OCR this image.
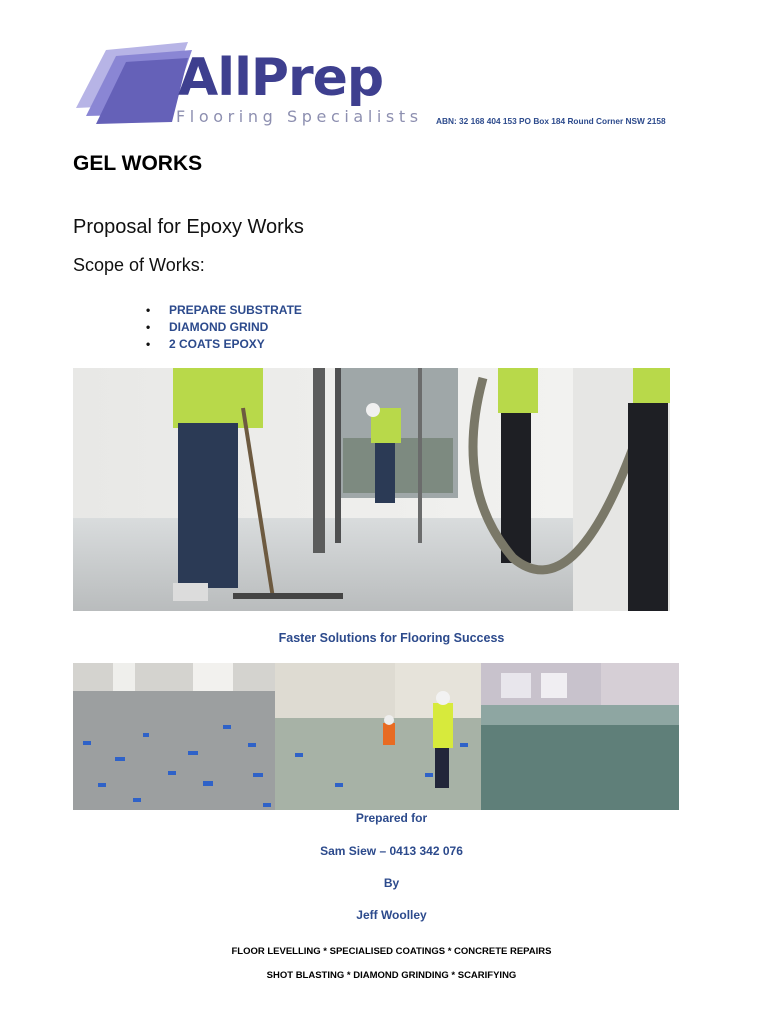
AllPrep
Flooring Specialists ABN: 32 168 404 153 PO Box 184 Round Corner NSW 2158
GEL WORKS
Proposal for Epoxy Works
Scope of Works:
• PREPARE SUBSTRATE
• DIAMOND GRIND
• 2 COATS EPOXY
Faster Solutions for Flooring Success
Prepared for
Sam Siew – 0413 342 076
By
Jeff Woolley
FLOOR LEVELLING * SPECIALISED COATINGS * CONCRETE REPAIRS
SHOT BLASTING * DIAMOND GRINDING * SCARIFYING
